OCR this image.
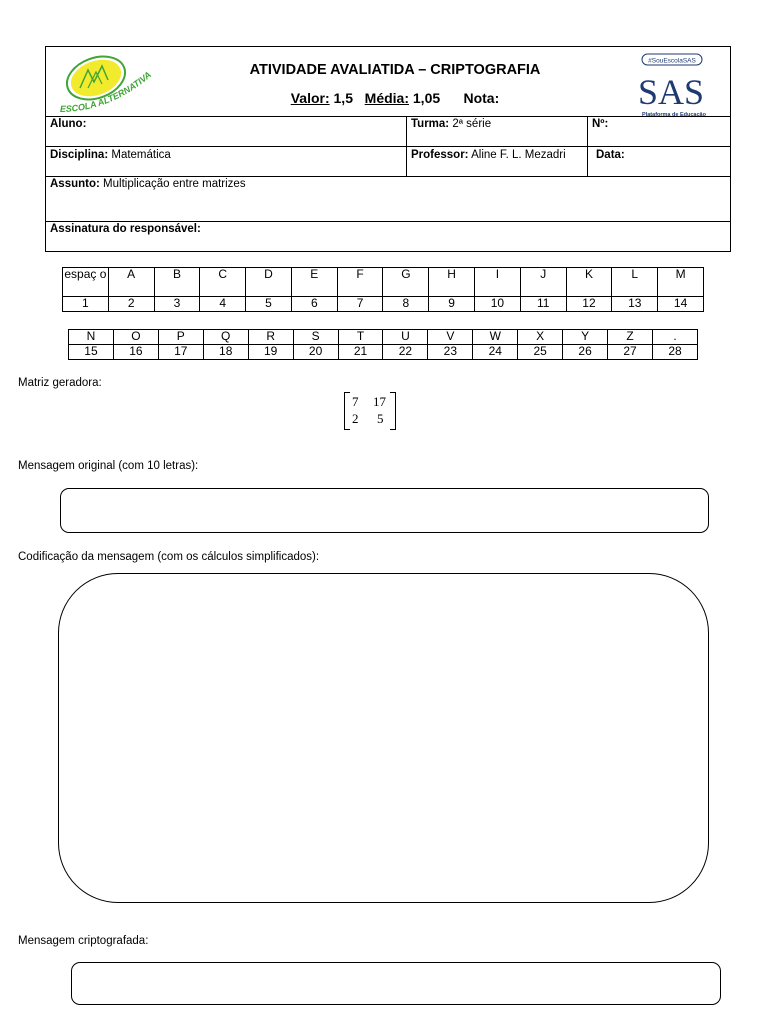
ESCOLA ALTERNATIVA	ATIVIDADE AVALIATIDA – CRIPTOGRAFIA
Valor: 1,5 Média: 1,05 Nota:
#SouEscolaSAS
SAS
Plataforma de Educação
Aluno:	Turma: 2ª série	Nº:
Disciplina: Matemática	Professor: Aline F. L. Mezadri	Data:
Assunto: Multiplicação entre matrizes
Assinatura do responsável:
espaç o	A	B	C	D	E	F	G	H	I	J	K	L	M
1	2	3	4	5	6	7	8	9	10	11	12	13	14
N	O	P	Q	R	S	T	U	V	W	X	Y	Z	.
15	16	17	18	19	20	21	22	23	24	25	26	27	28
Matriz geradora:
7 17
2 5
Mensagem original (com 10 letras):
Codificação da mensagem (com os cálculos simplificados):
Mensagem criptografada:
